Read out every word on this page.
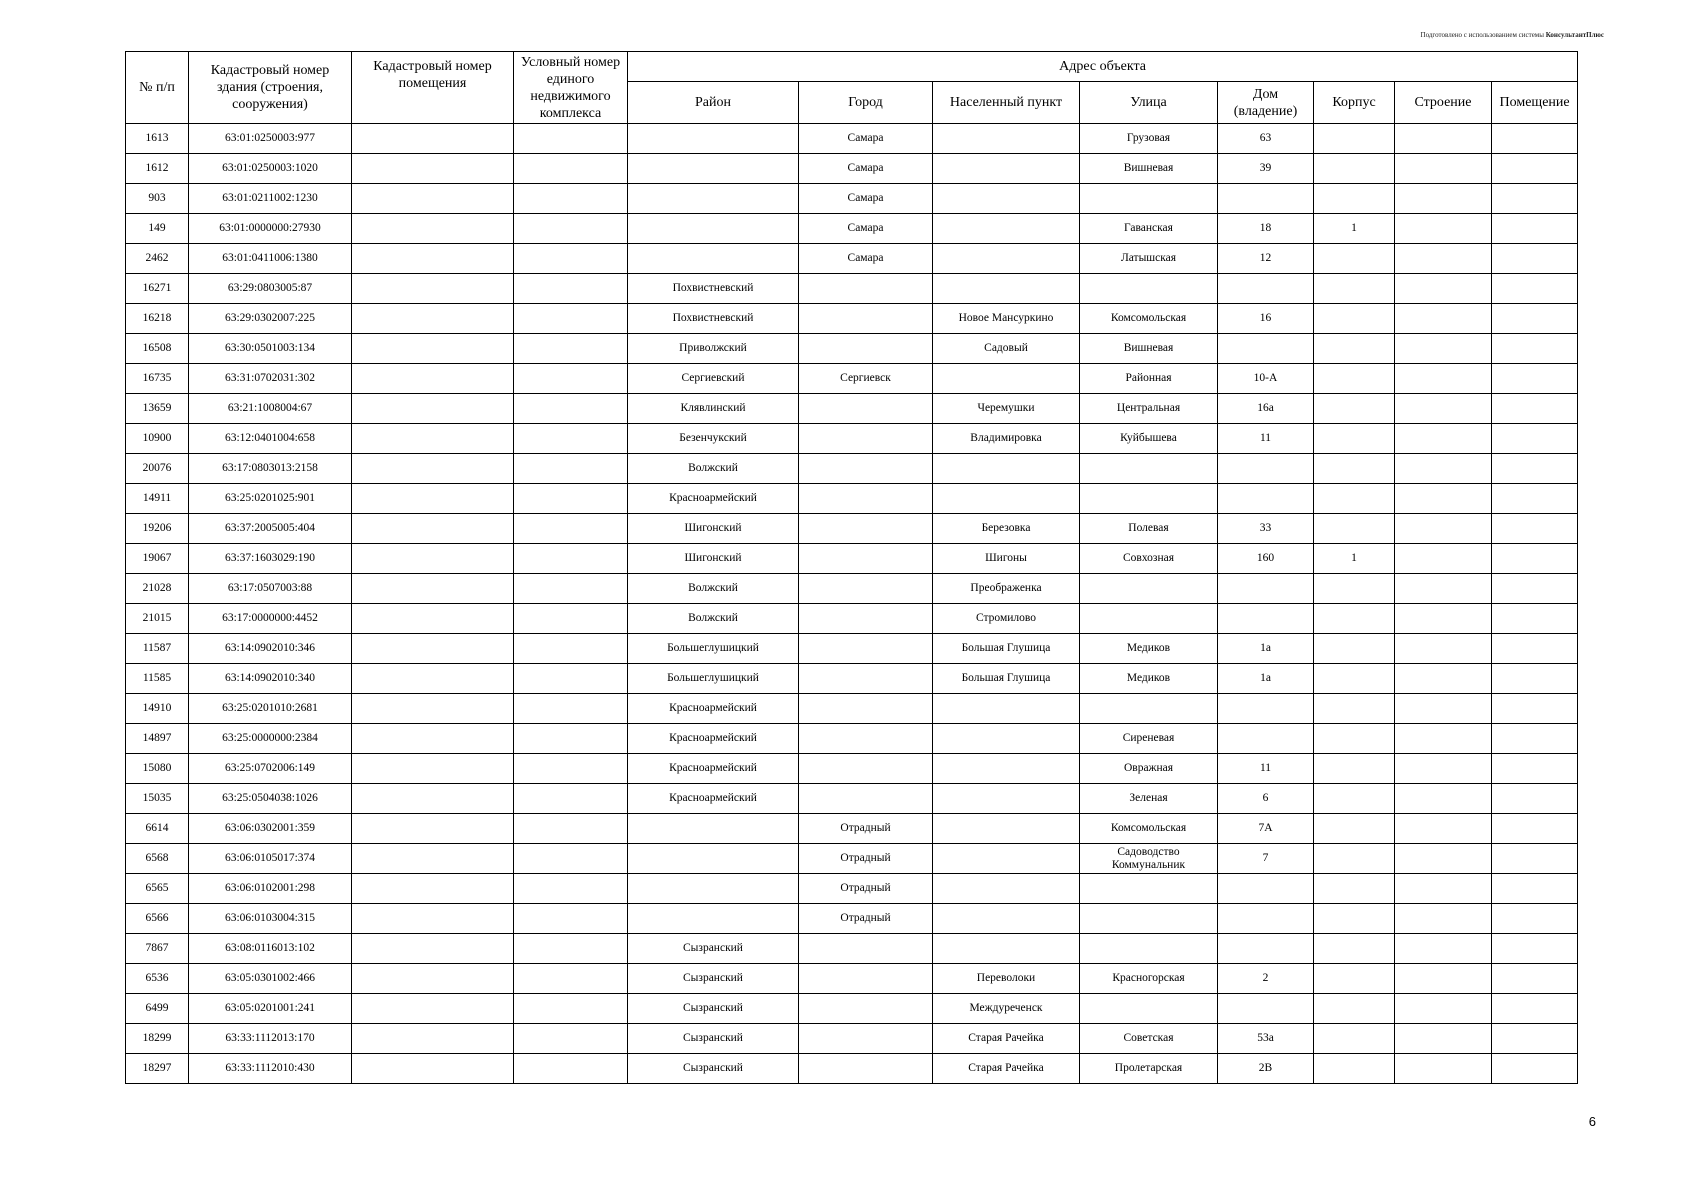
Подготовлено с использованием системы КонсультантПлюс
№ п/п	Кадастровый номер здания (строения, сооружения)	Кадастровый номер помещения	Условный номер единого недвижимого комплекса	Адрес объекта							
				Район	Город	Населенный пункт	Улица	Дом (владение)	Корпус	Строение	Помещение
1613	63:01:0250003:977				Самара		Грузовая	63			
1612	63:01:0250003:1020				Самара		Вишневая	39			
903	63:01:0211002:1230				Самара						
149	63:01:0000000:27930				Самара		Гаванская	18	1		
2462	63:01:0411006:1380				Самара		Латышская	12			
16271	63:29:0803005:87			Похвистневский							
16218	63:29:0302007:225			Похвистневский		Новое Мансуркино	Комсомольская	16			
16508	63:30:0501003:134			Приволжский		Садовый	Вишневая				
16735	63:31:0702031:302			Сергиевский	Сергиевск		Районная	10-А			
13659	63:21:1008004:67			Клявлинский		Черемушки	Центральная	16а			
10900	63:12:0401004:658			Безенчукский		Владимировка	Куйбышева	11			
20076	63:17:0803013:2158			Волжский							
14911	63:25:0201025:901			Красноармейский							
19206	63:37:2005005:404			Шигонский		Березовка	Полевая	33			
19067	63:37:1603029:190			Шигонский		Шигоны	Совхозная	160	1		
21028	63:17:0507003:88			Волжский		Преображенка					
21015	63:17:0000000:4452			Волжский		Стромилово					
11587	63:14:0902010:346			Большеглушицкий		Большая Глушица	Медиков	1а			
11585	63:14:0902010:340			Большеглушицкий		Большая Глушица	Медиков	1а			
14910	63:25:0201010:2681			Красноармейский							
14897	63:25:0000000:2384			Красноармейский			Сиреневая				
15080	63:25:0702006:149			Красноармейский			Овражная	11			
15035	63:25:0504038:1026			Красноармейский			Зеленая	6			
6614	63:06:0302001:359				Отрадный		Комсомольская	7А			
6568	63:06:0105017:374				Отрадный		Садоводство Коммунальник	7			
6565	63:06:0102001:298				Отрадный						
6566	63:06:0103004:315				Отрадный						
7867	63:08:0116013:102			Сызранский							
6536	63:05:0301002:466			Сызранский		Переволоки	Красногорская	2			
6499	63:05:0201001:241			Сызранский		Междуреченск					
18299	63:33:1112013:170			Сызранский		Старая Рачейка	Советская	53а			
18297	63:33:1112010:430			Сызранский		Старая Рачейка	Пролетарская	2В			
6
